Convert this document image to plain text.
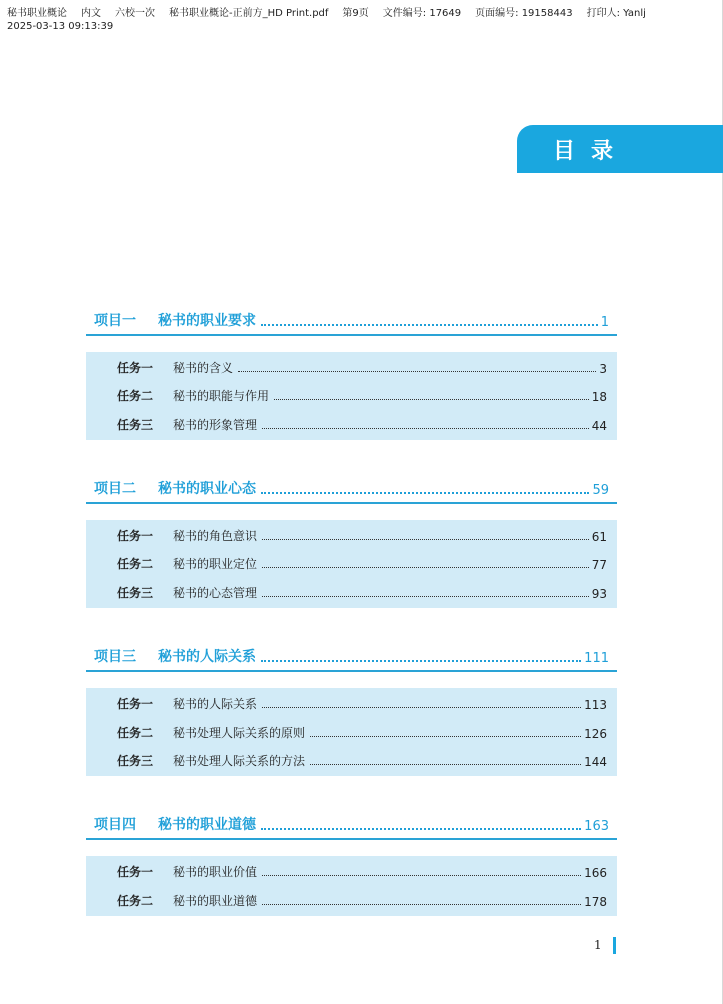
秘书职业概论 内文 六校一次 秘书职业概论-正前方_HD Print.pdf 第9页 文件编号: 17649 页面编号: 19158443 打印人: Yanlj
2025-03-13 09:13:39
目录
项目一	秘书的职业要求	1
任务一	秘书的含义	3
任务二	秘书的职能与作用	18
任务三	秘书的形象管理	44
项目二	秘书的职业心态	59
任务一	秘书的角色意识	61
任务二	秘书的职业定位	77
任务三	秘书的心态管理	93
项目三	秘书的人际关系	111
任务一	秘书的人际关系	113
任务二	秘书处理人际关系的原则	126
任务三	秘书处理人际关系的方法	144
项目四	秘书的职业道德	163
任务一	秘书的职业价值	166
任务二	秘书的职业道德	178
1
